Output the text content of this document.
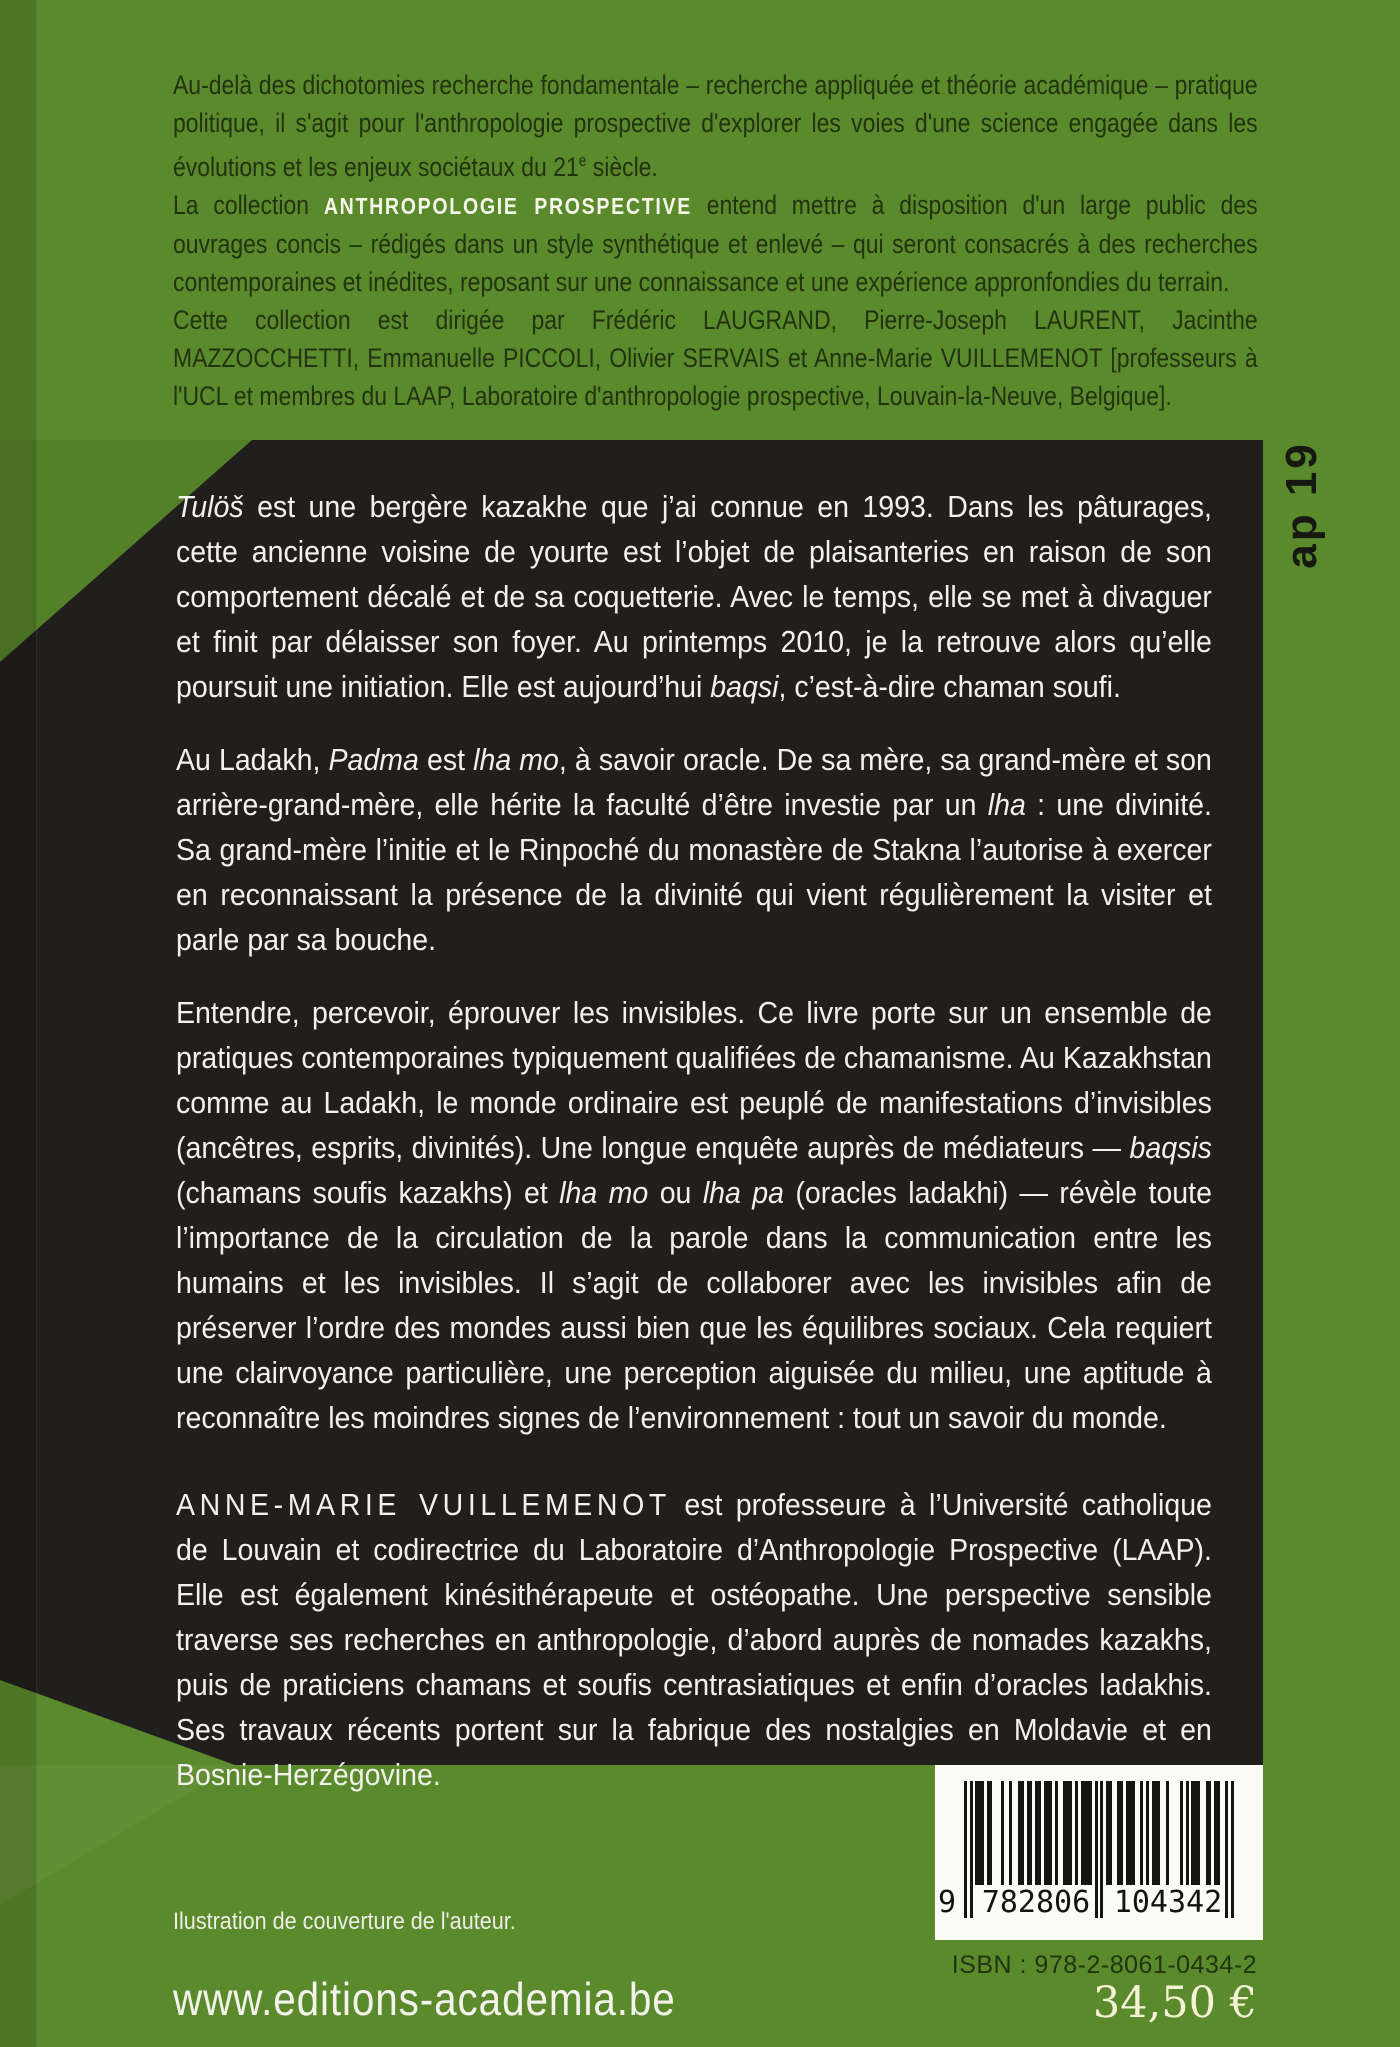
Au-delà des dichotomies recherche fondamentale – recherche appliquée et théorie académique – pratique politique, il s'agit pour l'anthropologie prospective d'explorer les voies d'une science engagée dans les évolutions et les enjeux sociétaux du 21e siècle.

La collection ANTHROPOLOGIE PROSPECTIVE entend mettre à disposition d'un large public des ouvrages concis – rédigés dans un style synthétique et enlevé – qui seront consacrés à des recherches contemporaines et inédites, reposant sur une connaissance et une expérience appronfondies du terrain.

Cette collection est dirigée par Frédéric LAUGRAND, Pierre-Joseph LAURENT, Jacinthe MAZZOCCHETTI, Emmanuelle PICCOLI, Olivier SERVAIS et Anne-Marie VUILLEMENOT [professeurs à l'UCL et membres du LAAP, Laboratoire d'anthropologie prospective, Louvain-la-Neuve, Belgique].

Tulöš est une bergère kazakhe que j’ai connue en 1993. Dans les pâturages, cette ancienne voisine de yourte est l’objet de plaisanteries en raison de son comportement décalé et de sa coquetterie. Avec le temps, elle se met à divaguer et finit par délaisser son foyer. Au printemps 2010, je la retrouve alors qu’elle poursuit une initiation. Elle est aujourd’hui baqsi, c’est-à-dire chaman soufi.

Au Ladakh, Padma est lha mo, à savoir oracle. De sa mère, sa grand-mère et son arrière-grand-mère, elle hérite la faculté d’être investie par un lha : une divinité. Sa grand-mère l’initie et le Rinpoché du monastère de Stakna l’autorise à exercer en reconnaissant la présence de la divinité qui vient régulièrement la visiter et parle par sa bouche.

Entendre, percevoir, éprouver les invisibles. Ce livre porte sur un ensemble de pratiques contemporaines typiquement qualifiées de chamanisme. Au Kazakhstan comme au Ladakh, le monde ordinaire est peuplé de manifestations d’invisibles (ancêtres, esprits, divinités). Une longue enquête auprès de médiateurs — baqsis (chamans soufis kazakhs) et lha mo ou lha pa (oracles ladakhi) — révèle toute l’importance de la circulation de la parole dans la communication entre les humains et les invisibles. Il s’agit de collaborer avec les invisibles afin de préserver l’ordre des mondes aussi bien que les équilibres sociaux. Cela requiert une clairvoyance particulière, une perception aiguisée du milieu, une aptitude à reconnaître les moindres signes de l’environnement : tout un savoir du monde.

ANNE-MARIE VUILLEMENOT est professeure à l’Université catholique de Louvain et codirectrice du Laboratoire d’Anthropologie Prospective (LAAP). Elle est également kinésithérapeute et ostéopathe. Une perspective sensible traverse ses recherches en anthropologie, d’abord auprès de nomades kazakhs, puis de praticiens chamans et soufis centrasiatiques et enfin d’oracles ladakhis. Ses travaux récents portent sur la fabrique des nostalgies en Moldavie et en Bosnie-Herzégovine.

ap 19
9 782806 104342
ISBN : 978-2-8061-0434-2
34,50 €
Ilustration de couverture de l'auteur.
www.editions-academia.be
